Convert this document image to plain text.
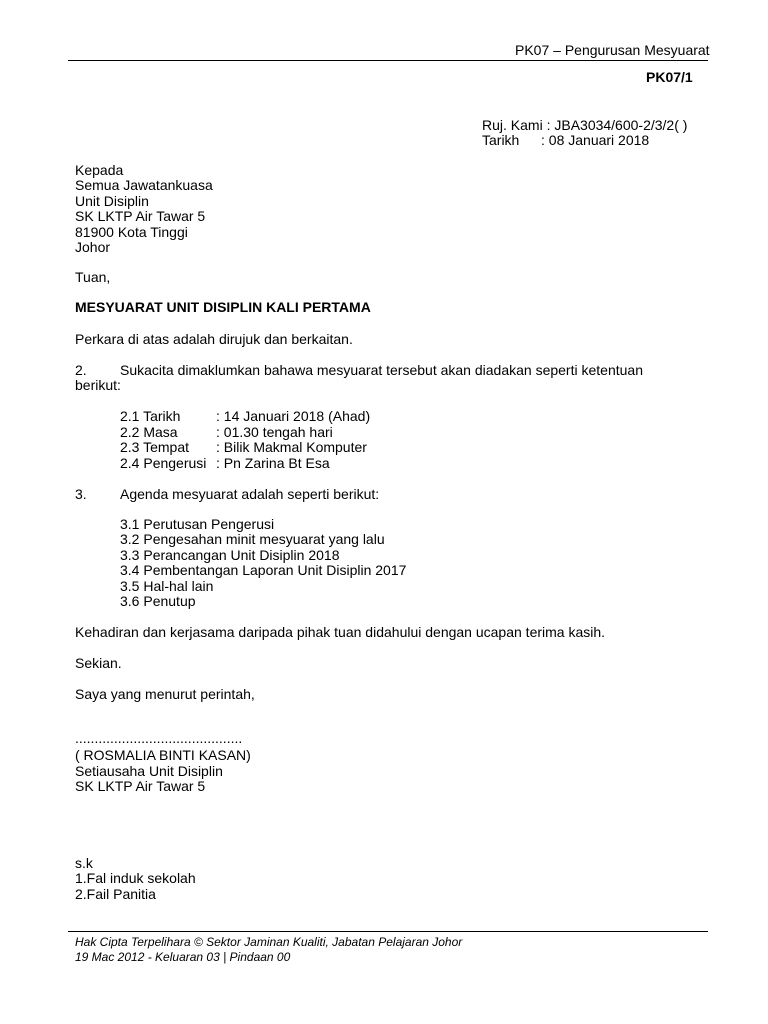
PK07 – Pengurusan Mesyuarat
PK07/1
Ruj. Kami : JBA3034/600-2/3/2( )
Tarikh : 08 Januari 2018
Kepada
Semua Jawatankuasa
Unit Disiplin
SK LKTP Air Tawar 5
81900 Kota Tinggi
Johor
Tuan,
MESYUARAT UNIT DISIPLIN KALI PERTAMA
Perkara di atas adalah dirujuk dan berkaitan.
2. Sukacita dimaklumkan bahawa mesyuarat tersebut akan diadakan seperti ketentuan
berikut:
2.1 Tarikh	: 14 Januari 2018 (Ahad)
2.2 Masa	: 01.30 tengah hari
2.3 Tempat : Bilik Makmal Komputer
2.4 Pengerusi : Pn Zarina Bt Esa
3. Agenda mesyuarat adalah seperti berikut:
3.1 Perutusan Pengerusi
3.2 Pengesahan minit mesyuarat yang lalu
3.3 Perancangan Unit Disiplin 2018
3.4 Pembentangan Laporan Unit Disiplin 2017
3.5 Hal-hal lain
3.6 Penutup
Kehadiran dan kerjasama daripada pihak tuan didahului dengan ucapan terima kasih.
Sekian.
Saya yang menurut perintah,
...........................................
( ROSMALIA BINTI KASAN)
Setiausaha Unit Disiplin
SK LKTP Air Tawar 5
s.k
1.Fal induk sekolah
2.Fail Panitia
Hak Cipta Terpelihara © Sektor Jaminan Kualiti, Jabatan Pelajaran Johor
19 Mac 2012 - Keluaran 03 | Pindaan 00
